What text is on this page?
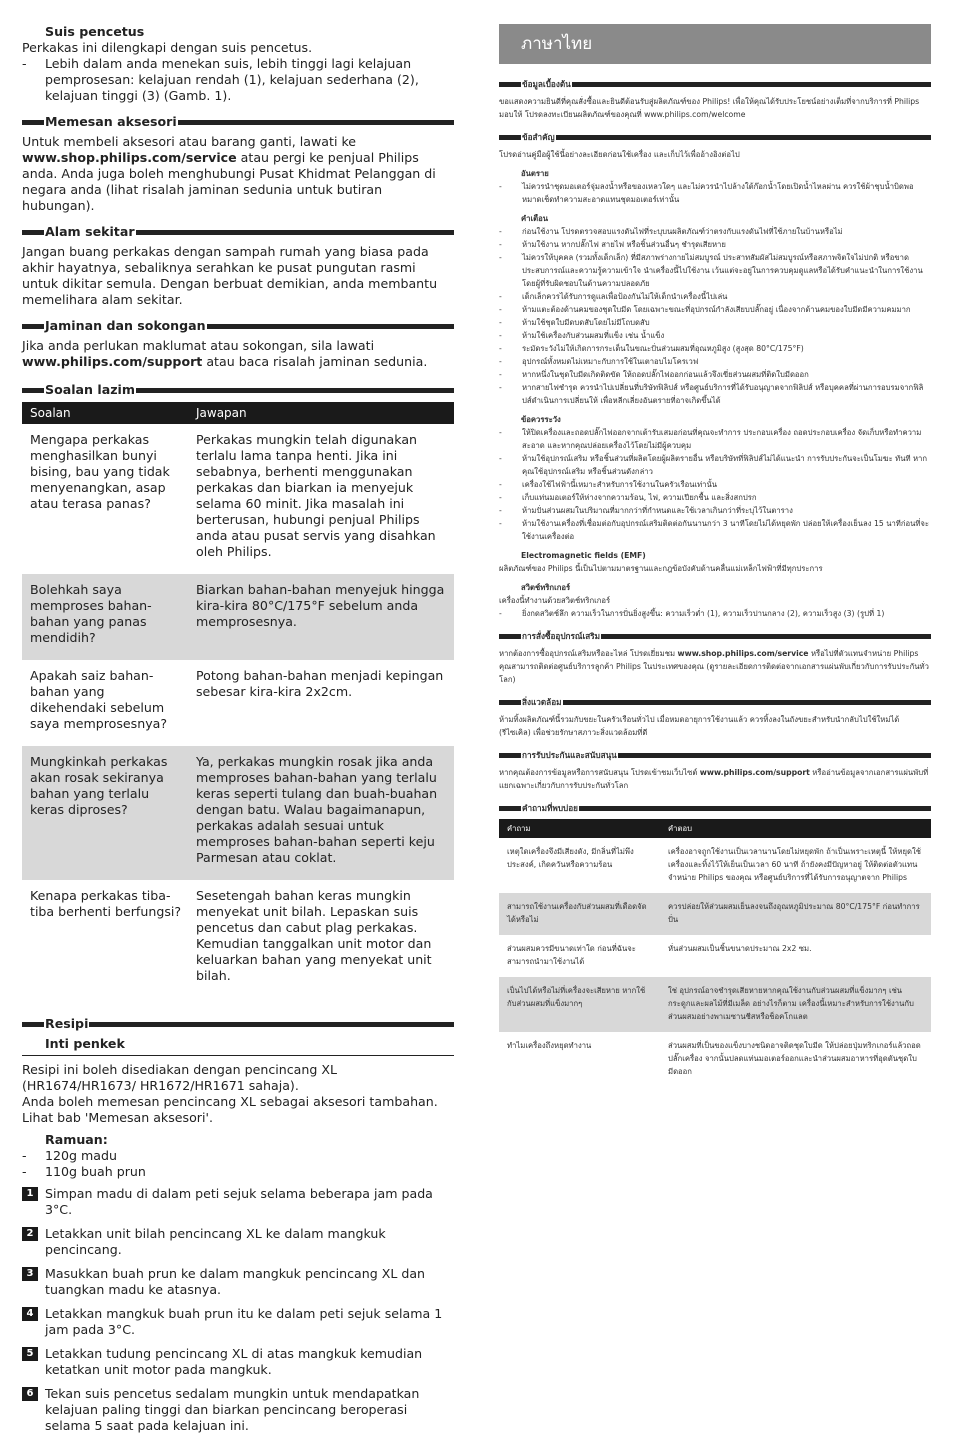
Suis pencetus

Perkakas ini dilengkapi dengan suis pencetus.

-	Lebih dalam anda menekan suis, lebih tinggi lagi kelajuan pemprosesan: kelajuan rendah (1), kelajuan sederhana (2), kelajuan tinggi (3) (Gamb. 1).
Memesan aksesori

Untuk membeli aksesori atau barang ganti, lawati ke www.shop.philips.com/service atau pergi ke penjual Philips anda. Anda juga boleh menghubungi Pusat Khidmat Pelanggan di negara anda (lihat risalah jaminan sedunia untuk butiran hubungan).

Alam sekitar

Jangan buang perkakas dengan sampah rumah yang biasa pada akhir hayatnya, sebaliknya serahkan ke pusat pungutan rasmi untuk dikitar semula. Dengan berbuat demikian, anda membantu memelihara alam sekitar.

Jaminan dan sokongan

Jika anda perlukan maklumat atau sokongan, sila lawati www.philips.com/support atau baca risalah jaminan sedunia.

Soalan lazim
Soalan	Jawapan
Mengapa perkakas menghasilkan bunyi bising, bau yang tidak menyenangkan, asap atau terasa panas?	Perkakas mungkin telah digunakan terlalu lama tanpa henti. Jika ini sebabnya, berhenti menggunakan perkakas dan biarkan ia menyejuk selama 60 minit. Jika masalah ini berterusan, hubungi penjual Philips anda atau pusat servis yang disahkan oleh Philips.
Bolehkah saya memproses bahan-bahan yang panas mendidih?	Biarkan bahan-bahan menyejuk hingga kira-kira 80°C/175°F sebelum anda memprosesnya.
Apakah saiz bahan-bahan yang dikehendaki sebelum saya memprosesnya?	Potong bahan-bahan menjadi kepingan sebesar kira-kira 2x2cm.
Mungkinkah perkakas akan rosak sekiranya bahan yang terlalu keras diproses?	Ya, perkakas mungkin rosak jika anda memproses bahan-bahan yang terlalu keras seperti tulang dan buah-buahan dengan batu. Walau bagaimanapun, perkakas adalah sesuai untuk memproses bahan-bahan seperti keju Parmesan atau coklat.
Kenapa perkakas tiba-tiba berhenti berfungsi?	Sesetengah bahan keras mungkin menyekat unit bilah. Lepaskan suis pencetus dan cabut plag perkakas. Kemudian tanggalkan unit motor dan keluarkan bahan yang menyekat unit bilah.
Resipi
Inti penkek

Resipi ini boleh disediakan dengan pencincang XL (HR1674/HR1673/ HR1672/HR1671 sahaja).

Anda boleh memesan pencincang XL sebagai aksesori tambahan.

Lihat bab 'Memesan aksesori'.

Ramuan:
-	120g madu
-	110g buah prun
1 Simpan madu di dalam peti sejuk selama beberapa jam pada 3°C.
2 Letakkan unit bilah pencincang XL ke dalam mangkuk pencincang.
3 Masukkan buah prun ke dalam mangkuk pencincang XL dan tuangkan madu ke atasnya.
4 Letakkan mangkuk buah prun itu ke dalam peti sejuk selama 1 jam pada 3°C.
5 Letakkan tudung pencincang XL di atas mangkuk kemudian ketatkan unit motor pada mangkuk.
6 Tekan suis pencetus sedalam mungkin untuk mendapatkan kelajuan paling tinggi dan biarkan pencincang beroperasi selama 5 saat pada kelajuan ini.
ภาษาไทย
ข้อมูลเบื้องต้น

ขอแสดงความยินดีที่คุณสั่งซื้อและยินดีต้อนรับสู่ผลิตภัณฑ์ของ Philips! เพื่อให้คุณได้รับประโยชน์อย่างเต็มที่จากบริการที่ Philips มอบให้ โปรดลงทะเบียนผลิตภัณฑ์ของคุณที่ www.philips.com/welcome

ข้อสำคัญ

โปรดอ่านคู่มือผู้ใช้นี้อย่างละเอียดก่อนใช้เครื่อง และเก็บไว้เพื่ออ้างอิงต่อไป

อันตราย
-	ไม่ควรนำชุดมอเตอร์จุ่มลงน้ำหรือของเหลวใดๆ และไม่ควรนำไปล้างใต้ก๊อกน้ำโดยเปิดน้ำไหลผ่าน ควรใช้ผ้าชุบน้ำบิดพอหมาดเช็ดทำความสะอาดแทนชุดมอเตอร์เท่านั้น
คำเตือน
-	ก่อนใช้งาน โปรดตรวจสอบแรงดันไฟที่ระบุบนผลิตภัณฑ์ว่าตรงกับแรงดันไฟที่ใช้ภายในบ้านหรือไม่
-	ห้ามใช้งาน หากปลั๊กไฟ สายไฟ หรือชิ้นส่วนอื่นๆ ชำรุดเสียหาย
-	ไม่ควรให้บุคคล (รวมทั้งเด็กเล็ก) ที่มีสภาพร่างกายไม่สมบูรณ์ ประสาทสัมผัสไม่สมบูรณ์หรือสภาพจิตใจไม่ปกติ หรือขาดประสบการณ์และความรู้ความเข้าใจ นำเครื่องนี้ไปใช้งาน เว้นแต่จะอยู่ในการควบคุมดูแลหรือได้รับคำแนะนำในการใช้งานโดยผู้ที่รับผิดชอบในด้านความปลอดภัย
-	เด็กเล็กควรได้รับการดูแลเพื่อป้องกันไม่ให้เด็กนำเครื่องนี้ไปเล่น
-	ห้ามแตะต้องด้านคมของชุดใบมีด โดยเฉพาะขณะที่อุปกรณ์กำลังเสียบปลั๊กอยู่ เนื่องจากด้านคมของใบมีดมีความคมมาก
-	ห้ามใช้ชุดใบมีดบดสับโดยไม่มีโถบดสับ
-	ห้ามใช้เครื่องกับส่วนผสมที่แข็ง เช่น น้ำแข็ง
-	ระมัดระวังไม่ให้เกิดการกระเด็นในขณะปั่นส่วนผสมที่อุณหภูมิสูง (สูงสุด 80°C/175°F)
-	อุปกรณ์ทั้งหมดไม่เหมาะกับการใช้ในเตาอบไมโครเวฟ
-	หากหนึ่งในชุดใบมีดเกิดติดขัด ให้ถอดปลั๊กไฟออกก่อนแล้วจึงเขี่ยส่วนผสมที่ติดใบมีดออก
-	หากสายไฟชำรุด ควรนำไปเปลี่ยนที่บริษัทฟิลิปส์ หรือศูนย์บริการที่ได้รับอนุญาตจากฟิลิปส์ หรือบุคคลที่ผ่านการอบรมจากฟิลิปส์ดำเนินการเปลี่ยนให้ เพื่อหลีกเลี่ยงอันตรายที่อาจเกิดขึ้นได้
ข้อควรระวัง
-	ให้ปิดเครื่องและถอดปลั๊กไฟออกจากเต้ารับเสมอก่อนที่คุณจะทำการ ประกอบเครื่อง ถอดประกอบเครื่อง จัดเก็บหรือทำความสะอาด และหากคุณปล่อยเครื่องไว้โดยไม่มีผู้ควบคุม
-	ห้ามใช้อุปกรณ์เสริม หรือชิ้นส่วนที่ผลิตโดยผู้ผลิตรายอื่น หรือบริษัทที่ฟิลิปส์ไม่ได้แนะนำ การรับประกันจะเป็นโมฆะ ทันที หากคุณใช้อุปกรณ์เสริม หรือชิ้นส่วนดังกล่าว
-	เครื่องใช้ไฟฟ้านี้เหมาะสำหรับการใช้งานในครัวเรือนเท่านั้น
-	เก็บแท่นมอเตอร์ให้ห่างจากความร้อน, ไฟ, ความเปียกชื้น และสิ่งสกปรก
-	ห้ามปั่นส่วนผสมในปริมาณที่มากกว่าที่กำหนดและใช้เวลาเกินกว่าที่ระบุไว้ในตาราง
-	ห้ามใช้งานเครื่องที่เชื่อมต่อกับอุปกรณ์เสริมติดต่อกันนานกว่า 3 นาทีโดยไม่ได้หยุดพัก ปล่อยให้เครื่องเย็นลง 15 นาทีก่อนที่จะใช้งานเครื่องต่อ
Electromagnetic fields (EMF)

ผลิตภัณฑ์ของ Philips นี้เป็นไปตามมาตรฐานและกฎข้อบังคับด้านคลื่นแม่เหล็กไฟฟ้าที่มีทุกประการ

สวิตช์ทริกเกอร์

เครื่องนี้ทำงานด้วยสวิตช์ทริกเกอร์

-	ยิ่งกดสวิตช์ลึก ความเร็วในการปั่นยิ่งสูงขึ้น: ความเร็วต่ำ (1), ความเร็วปานกลาง (2), ความเร็วสูง (3) (รูปที่ 1)
การสั่งซื้ออุปกรณ์เสริม

หากต้องการซื้ออุปกรณ์เสริมหรืออะไหล่ โปรดเยี่ยมชม www.shop.philips.com/service หรือไปที่ตัวแทนจำหน่าย Philips คุณสามารถติดต่อศูนย์บริการลูกค้า Philips ในประเทศของคุณ (ดูรายละเอียดการติดต่อจากเอกสารแผ่นพับเกี่ยวกับการรับประกันทั่วโลก)

สิ่งแวดล้อม

ห้ามทิ้งผลิตภัณฑ์นี้รวมกับขยะในครัวเรือนทั่วไป เมื่อหมดอายุการใช้งานแล้ว ควรทิ้งลงในถังขยะสำหรับนำกลับไปใช้ใหม่ได้ (รีไซเคิล) เพื่อช่วยรักษาสภาวะสิ่งแวดล้อมที่ดี

การรับประกันและสนับสนุน

หากคุณต้องการข้อมูลหรือการสนับสนุน โปรดเข้าชมเว็บไซต์ www.philips.com/support หรืออ่านข้อมูลจากเอกสารแผ่นพับที่แยกเฉพาะเกี่ยวกับการรับประกันทั่วโลก

คำถามที่พบบ่อย
คำถาม	คำตอบ
เหตุใดเครื่องจึงมีเสียงดัง, มีกลิ่นที่ไม่พึงประสงค์, เกิดควันหรือความร้อน	เครื่องอาจถูกใช้งานเป็นเวลานานโดยไม่หยุดพัก ถ้าเป็นเพราะเหตุนี้ ให้หยุดใช้เครื่องและทิ้งไว้ให้เย็นเป็นเวลา 60 นาที ถ้ายังคงมีปัญหาอยู่ ให้ติดต่อตัวแทนจำหน่าย Philips ของคุณ หรือศูนย์บริการที่ได้รับการอนุญาตจาก Philips
สามารถใช้งานเครื่องกับส่วนผสมที่เดือดจัดได้หรือไม่	ควรปล่อยให้ส่วนผสมเย็นลงจนถึงอุณหภูมิประมาณ 80°C/175°F ก่อนทำการปั่น
ส่วนผสมควรมีขนาดเท่าใด ก่อนที่ฉันจะสามารถนำมาใช้งานได้	หั่นส่วนผสมเป็นชิ้นขนาดประมาณ 2x2 ซม.
เป็นไปได้หรือไม่ที่เครื่องจะเสียหาย หากใช้กับส่วนผสมที่แข็งมากๆ	ใช่ อุปกรณ์อาจชำรุดเสียหายหากคุณใช้งานกับส่วนผสมที่แข็งมากๆ เช่น กระดูกและผลไม้ที่มีเมล็ด อย่างไรก็ตาม เครื่องนี้เหมาะสำหรับการใช้งานกับส่วนผสมอย่างพาเมซานชีสหรือช็อคโกแลต
ทำไมเครื่องถึงหยุดทำงาน	ส่วนผสมที่เป็นของแข็งบางชนิดอาจติดชุดใบมีด ให้ปล่อยปุ่มทริกเกอร์แล้วถอดปลั๊กเครื่อง จากนั้นปลดแท่นมอเตอร์ออกและนำส่วนผสมอาหารที่อุดตันชุดใบมีดออก
